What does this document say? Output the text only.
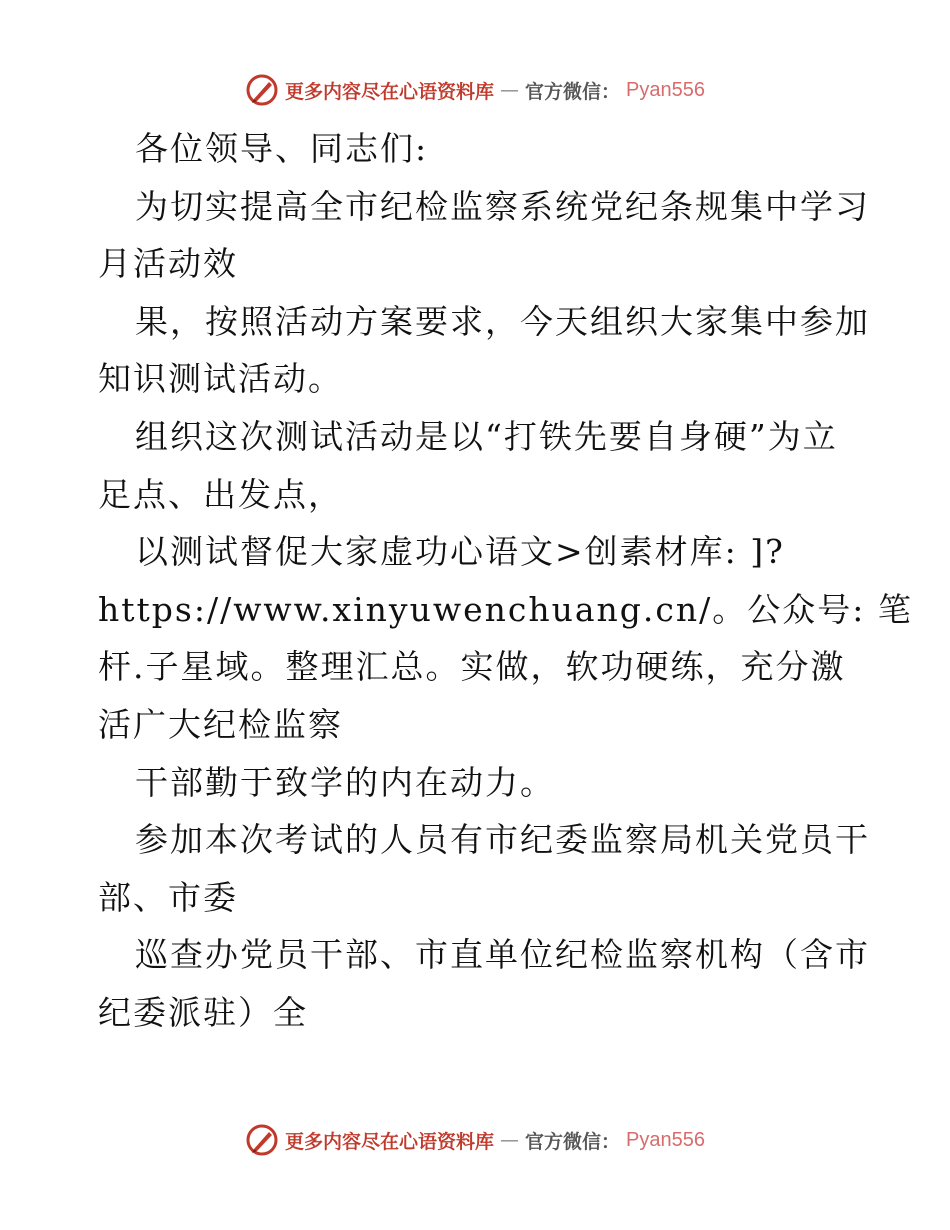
更多内容尽在心语资料库 — 官方微信： Pyan556
各位领导、同志们:
为切实提高全市纪检监察系统党纪条规集中学习
月活动效
果，按照活动方案要求，今天组织大家集中参加
知识测试活动。
组织这次测试活动是以“打铁先要自身硬”为立
足点、出发点，
以测试督促大家虚功心语文>创素材库: ]?
https://www.xinyuwenchuang.cn/。公众号: 笔
杆.子星域。整理汇总。实做，软功硬练，充分激
活广大纪检监察
干部勤于致学的内在动力。
参加本次考试的人员有市纪委监察局机关党员干
部、市委
巡查办党员干部、市直单位纪检监察机构（含市
纪委派驻）全
更多内容尽在心语资料库 — 官方微信： Pyan556
